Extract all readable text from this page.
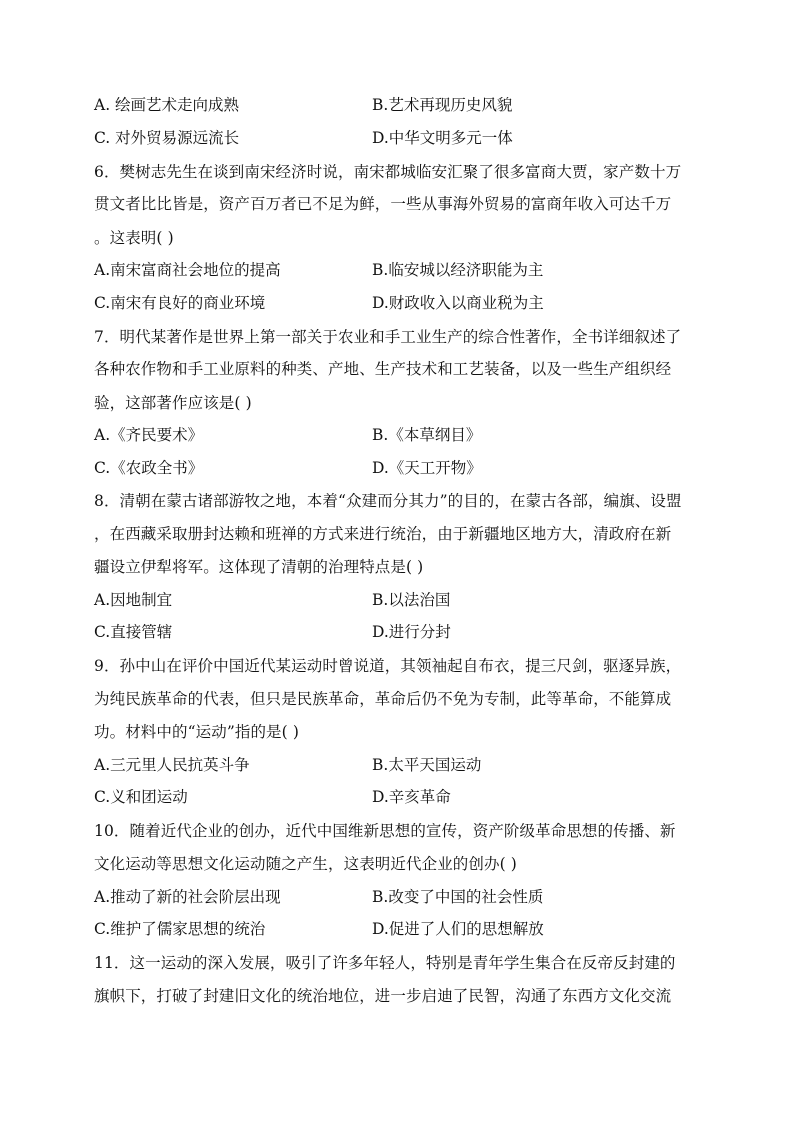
A. 绘画艺术走向成熟	B.艺术再现历史风貌
C. 对外贸易源远流长	D.中华文明多元一体
6．樊树志先生在谈到南宋经济时说，南宋都城临安汇聚了很多富商大贾，家产数十万
贯文者比比皆是，资产百万者已不足为鲜，一些从事海外贸易的富商年收入可达千万
。这表明( )
A.南宋富商社会地位的提高	B.临安城以经济职能为主
C.南宋有良好的商业环境	D.财政收入以商业税为主
7．明代某著作是世界上第一部关于农业和手工业生产的综合性著作，全书详细叙述了
各种农作物和手工业原料的种类、产地、生产技术和工艺装备，以及一些生产组织经
验，这部著作应该是( )
A.《齐民要术》	B.《本草纲目》
C.《农政全书》	D.《天工开物》
8．清朝在蒙古诸部游牧之地，本着“众建而分其力”的目的，在蒙古各部，编旗、设盟
，在西藏采取册封达赖和班禅的方式来进行统治，由于新疆地区地方大，清政府在新
疆设立伊犁将军。这体现了清朝的治理特点是( )
A.因地制宜	B.以法治国
C.直接管辖	D.进行分封
9．孙中山在评价中国近代某运动时曾说道，其领袖起自布衣，提三尺剑，驱逐异族，
为纯民族革命的代表，但只是民族革命，革命后仍不免为专制，此等革命，不能算成
功。材料中的“运动”指的是( )
A.三元里人民抗英斗争	B.太平天国运动
C.义和团运动	D.辛亥革命
10．随着近代企业的创办，近代中国维新思想的宣传，资产阶级革命思想的传播、新
文化运动等思想文化运动随之产生，这表明近代企业的创办( )
A.推动了新的社会阶层出现	B.改变了中国的社会性质
C.维护了儒家思想的统治	D.促进了人们的思想解放
11．这一运动的深入发展，吸引了许多年轻人，特别是青年学生集合在反帝反封建的
旗帜下，打破了封建旧文化的统治地位，进一步启迪了民智，沟通了东西方文化交流
